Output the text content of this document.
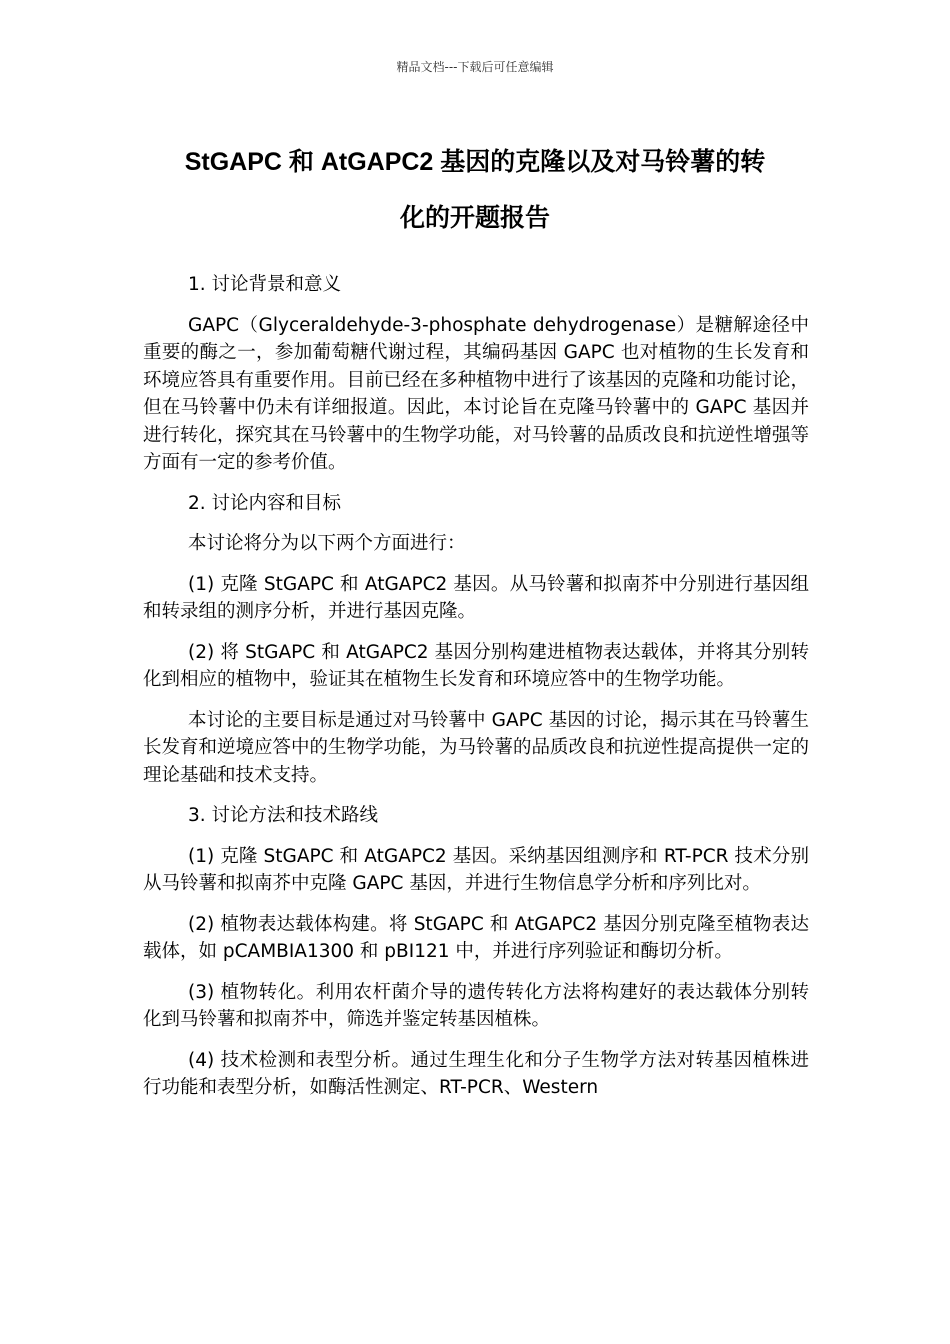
精品文档---下载后可任意编辑
StGAPC 和 AtGAPC2 基因的克隆以及对马铃薯的转
化的开题报告

1. 讨论背景和意义

GAPC（Glyceraldehyde-3-phosphate dehydrogenase）是糖解途径中重要的酶之一，参加葡萄糖代谢过程，其编码基因 GAPC 也对植物的生长发育和环境应答具有重要作用。目前已经在多种植物中进行了该基因的克隆和功能讨论，但在马铃薯中仍未有详细报道。因此，本讨论旨在克隆马铃薯中的 GAPC 基因并进行转化，探究其在马铃薯中的生物学功能，对马铃薯的品质改良和抗逆性增强等方面有一定的参考价值。

2. 讨论内容和目标

本讨论将分为以下两个方面进行：

(1) 克隆 StGAPC 和 AtGAPC2 基因。从马铃薯和拟南芥中分别进行基因组和转录组的测序分析，并进行基因克隆。

(2) 将 StGAPC 和 AtGAPC2 基因分别构建进植物表达载体，并将其分别转化到相应的植物中，验证其在植物生长发育和环境应答中的生物学功能。

本讨论的主要目标是通过对马铃薯中 GAPC 基因的讨论，揭示其在马铃薯生长发育和逆境应答中的生物学功能，为马铃薯的品质改良和抗逆性提高提供一定的理论基础和技术支持。

3. 讨论方法和技术路线

(1) 克隆 StGAPC 和 AtGAPC2 基因。采纳基因组测序和 RT-PCR 技术分别从马铃薯和拟南芥中克隆 GAPC 基因，并进行生物信息学分析和序列比对。

(2) 植物表达载体构建。将 StGAPC 和 AtGAPC2 基因分别克隆至植物表达载体，如 pCAMBIA1300 和 pBI121 中，并进行序列验证和酶切分析。

(3) 植物转化。利用农杆菌介导的遗传转化方法将构建好的表达载体分别转化到马铃薯和拟南芥中，筛选并鉴定转基因植株。

(4) 技术检测和表型分析。通过生理生化和分子生物学方法对转基因植株进行功能和表型分析，如酶活性测定、RT-PCR、Western
